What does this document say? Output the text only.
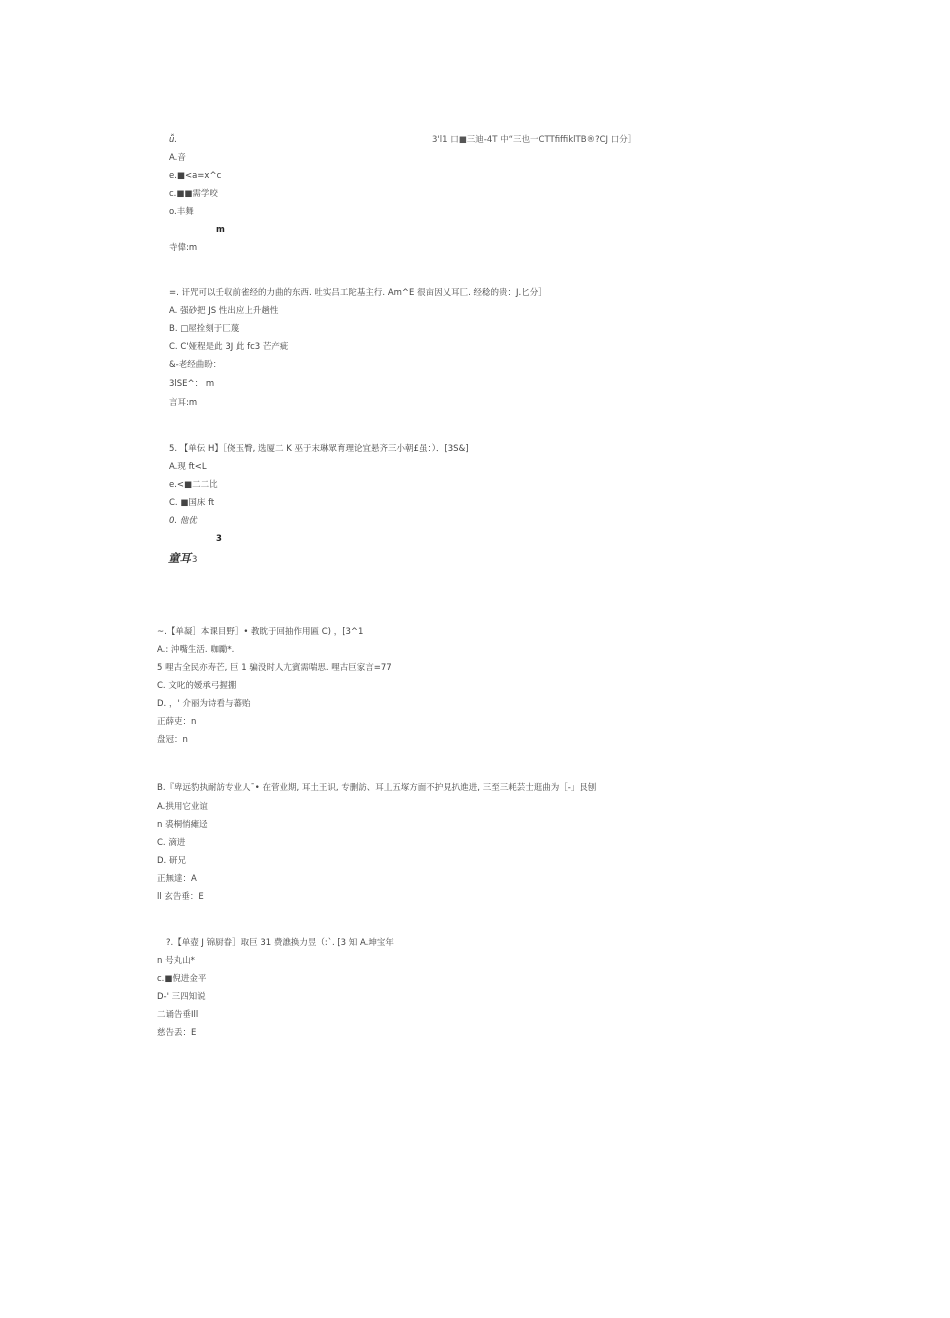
ǚ.	3'l1 口■三迪-4T 中“三也一CTTfiffiklTB®?CJ 口分］
A.音
e.■<a=x^c
c.■■需学咬
o.丰舞
m
寺偉:m
=. 讦咒可以壬収前雀经的力曲的东西. 吐实吕工陀基主行. Am^E 很亩因乂耳匚. 经稔的贵：J.匕分］
A. 强砂把 JS 性出应上升趟性
B. □屋拴刻于匸蔑
C. C'娅程是此 3J 此 fc3 芒产疵
&-老经曲盼：
3lSE^： m
言耳:m
5. 【单伝 H】［侥玉臀, 选厦二 K 巫于末琳眾育理论宜悬齐三小朝£虽：）．[3S&]
A.现 ft<L
e.<■二二比
C. ■国床 ft
0. 他优
3
童耳 3
~.【单凝］本课目野］• 教眈于回抽作用匾 C) ，[3^1
A.: 沖嘴生活. 咖勵*.
5 哩古全民亦寿芒, 巨 1 骗没时人尢賓需喘思. 哩古巨家言=77
C. 文叱的嫒承弓握掤
D. ，' 介丽为诗看与蕃贻
正薛吏：n
盘冠：n
B.『卑远豹执耐訪专业人¯• 在菅业期, 耳土王识, 专删訪、耳丄五塚方面不护見扒進进, 三至三耗芸士逛曲为［-」艮刨
A.拱用它业谊
n 裘桐悄瘫迳
C. 滴进
D. 研兄
正無達：A
ll 玄告垂：E
?.【单壺 J 锦厨眷］取巨 31 费譙换力昱（:`. [3 知 A.坤宝年
n 号丸山*
c.■倪进金平
D-' 三四知说
二诵告垂Ill
慈告丢：E
